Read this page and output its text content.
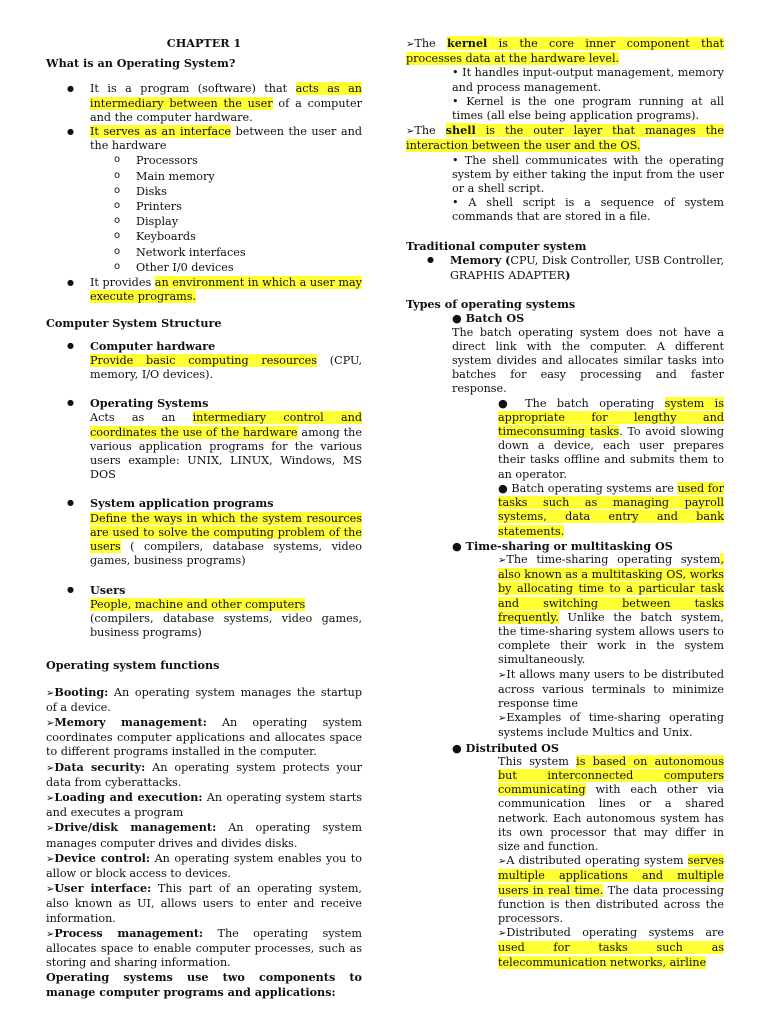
CHAPTER 1

What is an Operating System?

● It is a program (software) that acts as an intermediary between the user of a computer and the computer hardware.
● It serves as an interface between the user and the hardware
o Processors
o Main memory
o Disks
o Printers
o Display
o Keyboards
o Network interfaces
o Other I/0 devices
● It provides an environment in which a user may execute programs.

Computer System Structure

● Computer hardware
Provide basic computing resources (CPU, memory, I/O devices).
● Operating Systems
Acts as an intermediary control and coordinates the use of the hardware among the various application programs for the various users example: UNIX, LINUX, Windows, MS DOS
● System application programs
Define the ways in which the system resources are used to solve the computing problem of the users ( compilers, database systems, video games, business programs)
● Users
People, machine and other computers
(compilers, database systems, video games, business programs)

Operating system functions

➢Booting: An operating system manages the startup of a device.

➢Memory management: An operating system coordinates computer applications and allocates space to different programs installed in the computer.

➢Data security: An operating system protects your data from cyberattacks.

➢Loading and execution: An operating system starts and executes a program

➢Drive/disk management: An operating system manages computer drives and divides disks.

➢Device control: An operating system enables you to allow or block access to devices.

➢User interface: This part of an operating system, also known as UI, allows users to enter and receive information.

➢Process management: The operating system allocates space to enable computer processes, such as storing and sharing information.

Operating systems use two components to manage computer programs and applications:

➢The kernel is the core inner component that processes data at the hardware level.

• It handles input-output management, memory and process management.

• Kernel is the one program running at all times (all else being application programs).

➢The shell is the outer layer that manages the interaction between the user and the OS.

• The shell communicates with the operating system by either taking the input from the user or a shell script.

• A shell script is a sequence of system commands that are stored in a file.

Traditional computer system

● Memory (CPU, Disk Controller, USB Controller, GRAPHIS ADAPTER)

Types of operating systems

● Batch OS

The batch operating system does not have a direct link with the computer. A different system divides and allocates similar tasks into batches for easy processing and faster response.

● The batch operating system is appropriate for lengthy and timeconsuming tasks. To avoid slowing down a device, each user prepares their tasks offline and submits them to an operator.

● Batch operating systems are used for tasks such as managing payroll systems, data entry and bank statements.

● Time-sharing or multitasking OS

➢The time-sharing operating system, also known as a multitasking OS, works by allocating time to a particular task and switching between tasks frequently. Unlike the batch system, the time-sharing system allows users to complete their work in the system simultaneously.

➢It allows many users to be distributed across various terminals to minimize response time

➢Examples of time-sharing operating systems include Multics and Unix.

● Distributed OS

This system is based on autonomous but interconnected computers communicating with each other via communication lines or a shared network. Each autonomous system has its own processor that may differ in size and function.

➢A distributed operating system serves multiple applications and multiple users in real time. The data processing function is then distributed across the processors.

➢Distributed operating systems are used for tasks such as telecommunication networks, airline
